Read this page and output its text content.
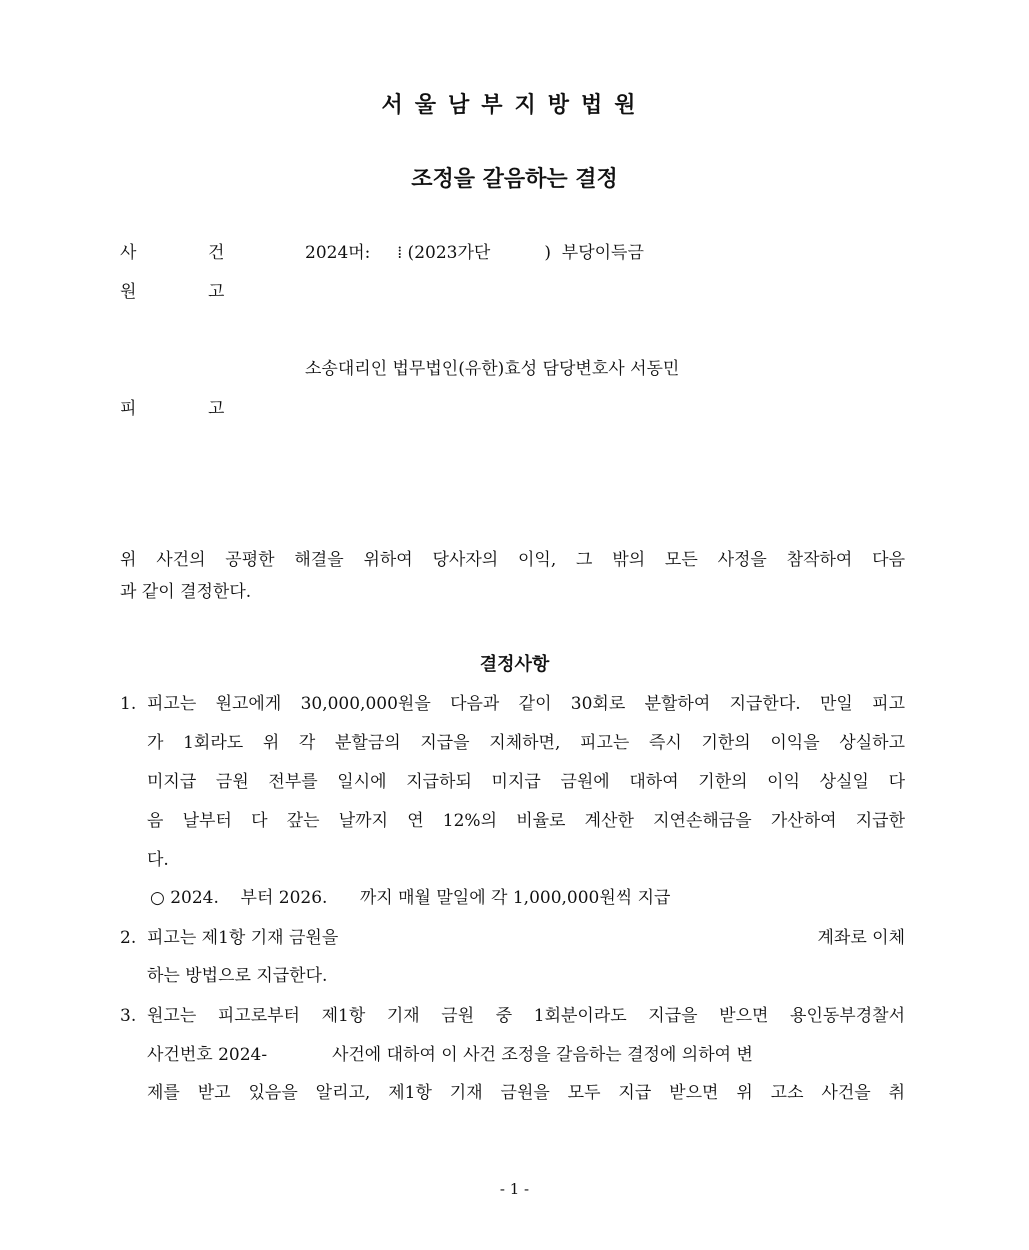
서울남부지방법원
조정을 갈음하는 결정
사	건	2024머:     ⁞ (2023가단          )  부당이득금
원	고
소송대리인 법무법인(유한)효성 담당변호사 서동민
피	고
위 사건의 공평한 해결을 위하여 당사자의 이익, 그 밖의 모든 사정을 참작하여 다음
과 같이 결정한다.
결정사항
1. 피고는 원고에게 30,000,000원을 다음과 같이 30회로 분할하여 지급한다. 만일 피고
가 1회라도 위 각 분할금의 지급을 지체하면, 피고는 즉시 기한의 이익을 상실하고
미지급 금원 전부를 일시에 지급하되 미지급 금원에 대하여 기한의 이익 상실일 다
음 날부터 다 갚는 날까지 연 12%의 비율로 계산한 지연손해금을 가산하여 지급한
다.
○ 2024.    부터 2026.      까지 매월 말일에 각 1,000,000원씩 지급
2. 피고는 제1항 기재 금원을	계좌로 이체
하는 방법으로 지급한다.
3. 원고는 피고로부터 제1항 기재 금원 중 1회분이라도 지급을 받으면 용인동부경찰서
사건번호 2024-            사건에 대하여 이 사건 조정을 갈음하는 결정에 의하여 변
제를 받고 있음을 알리고, 제1항 기재 금원을 모두 지급 받으면 위 고소 사건을 취
- 1 -
